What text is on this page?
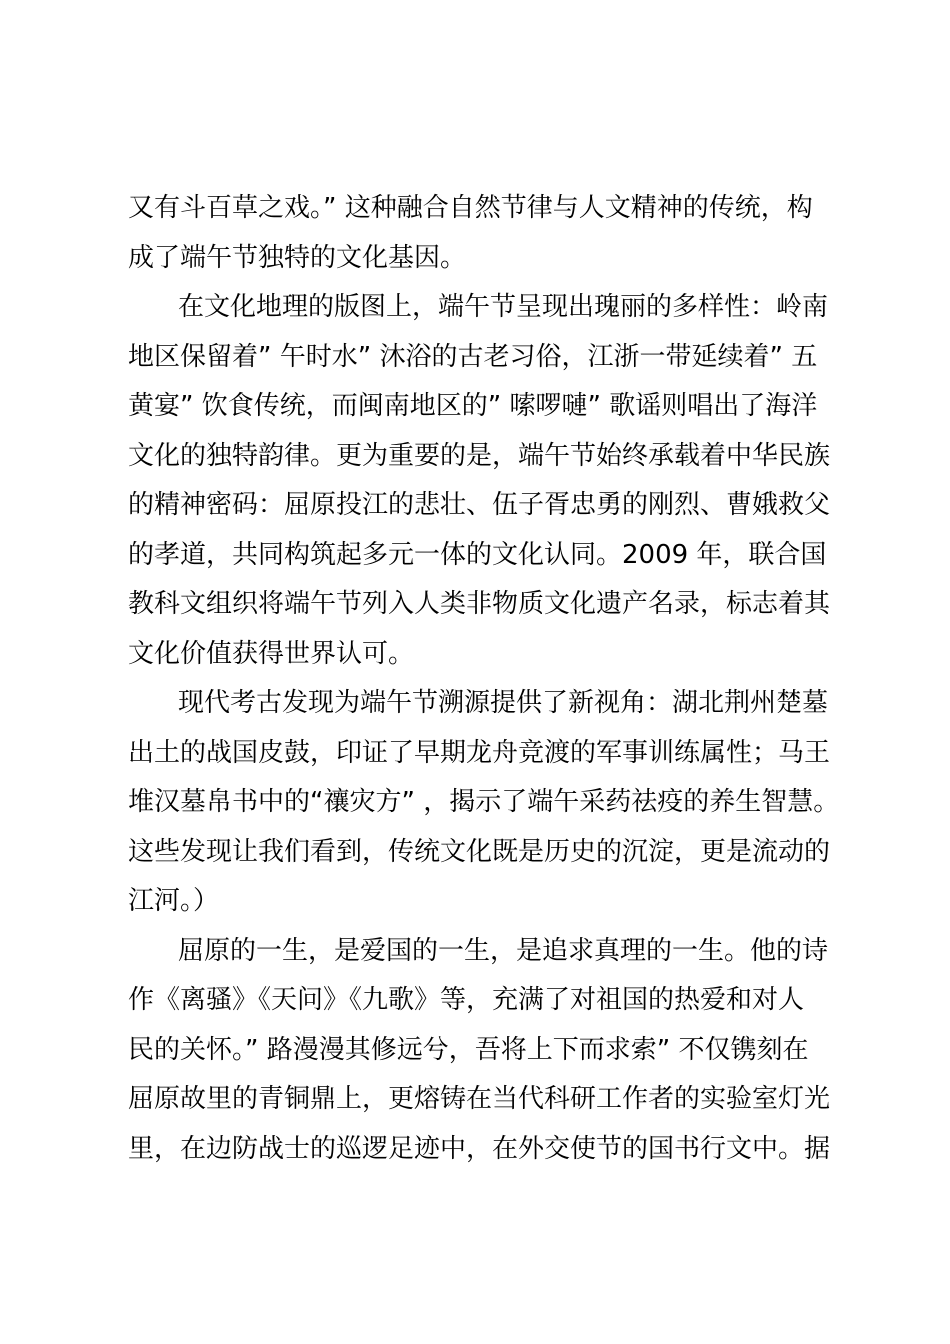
又有斗百草之戏。” 这种融合自然节律与人文精神的传统，构

成了端午节独特的文化基因。

在文化地理的版图上，端午节呈现出瑰丽的多样性：岭南

地区保留着” 午时水” 沐浴的古老习俗，江浙一带延续着” 五

黄宴” 饮食传统，而闽南地区的” 嗦啰嗹” 歌谣则唱出了海洋

文化的独特韵律。更为重要的是，端午节始终承载着中华民族

的精神密码：屈原投江的悲壮、伍子胥忠勇的刚烈、曹娥救父

的孝道，共同构筑起多元一体的文化认同。2009 年，联合国

教科文组织将端午节列入人类非物质文化遗产名录，标志着其

文化价值获得世界认可。

现代考古发现为端午节溯源提供了新视角：湖北荆州楚墓

出土的战国皮鼓，印证了早期龙舟竞渡的军事训练属性；马王

堆汉墓帛书中的“禳灾方” ，揭示了端午采药祛疫的养生智慧。

这些发现让我们看到，传统文化既是历史的沉淀，更是流动的

江河。）

屈原的一生，是爱国的一生，是追求真理的一生。他的诗

作《离骚》《天问》《九歌》等，充满了对祖国的热爱和对人

民的关怀。” 路漫漫其修远兮，吾将上下而求索” 不仅镌刻在

屈原故里的青铜鼎上，更熔铸在当代科研工作者的实验室灯光

里，在边防战士的巡逻足迹中，在外交使节的国书行文中。据
